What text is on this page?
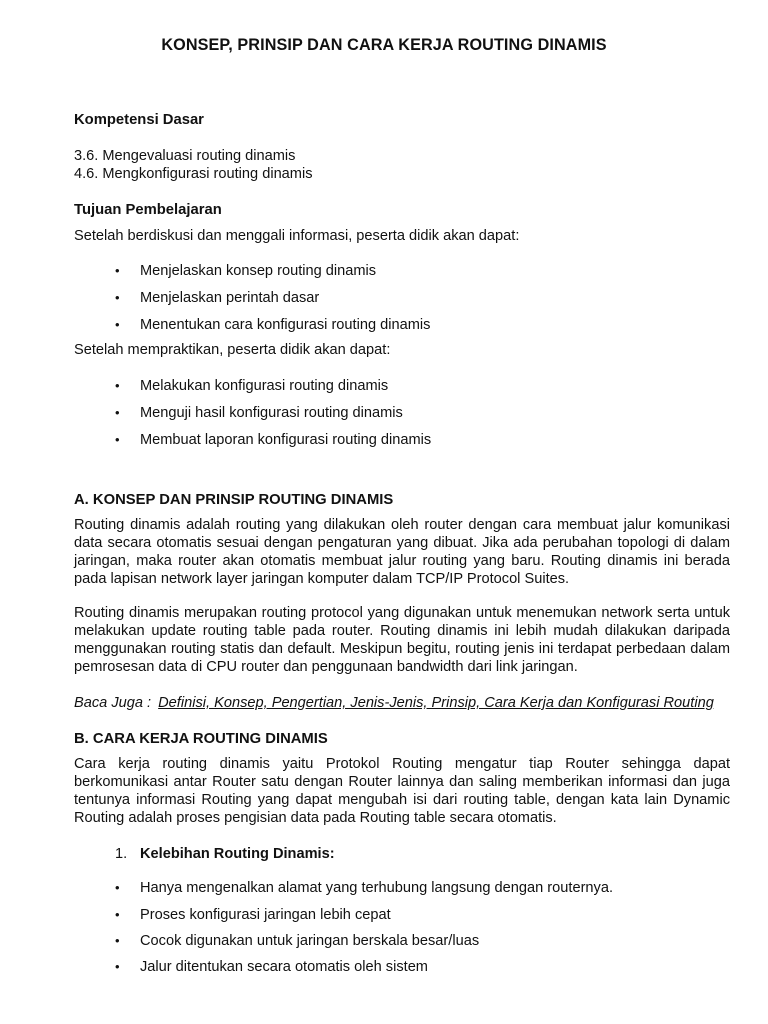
KONSEP, PRINSIP DAN CARA KERJA ROUTING DINAMIS
Kompetensi Dasar
3.6. Mengevaluasi routing dinamis
4.6. Mengkonfigurasi routing dinamis
Tujuan Pembelajaran
Setelah berdiskusi dan menggali informasi, peserta didik akan dapat:
•	Menjelaskan konsep routing dinamis
•	Menjelaskan perintah dasar
•	Menentukan cara konfigurasi routing dinamis
Setelah mempraktikan, peserta didik akan dapat:
•	Melakukan konfigurasi routing dinamis
•	Menguji hasil konfigurasi routing dinamis
•	Membuat laporan konfigurasi routing dinamis
A. KONSEP DAN PRINSIP ROUTING DINAMIS

Routing dinamis adalah routing yang dilakukan oleh router dengan cara membuat jalur komunikasi data secara otomatis sesuai dengan pengaturan yang dibuat. Jika ada perubahan topologi di dalam jaringan, maka router akan otomatis membuat jalur routing yang baru. Routing dinamis ini berada pada lapisan network layer jaringan komputer dalam TCP/IP Protocol Suites.

Routing dinamis merupakan routing protocol yang digunakan untuk menemukan network serta untuk melakukan update routing table pada router. Routing dinamis ini lebih mudah dilakukan daripada menggunakan routing statis dan default. Meskipun begitu, routing jenis ini terdapat perbedaan dalam pemrosesan data di CPU router dan penggunaan bandwidth dari link jaringan.

Baca Juga : Definisi, Konsep, Pengertian, Jenis-Jenis, Prinsip, Cara Kerja dan Konfigurasi Routing
B. CARA KERJA ROUTING DINAMIS

Cara kerja routing dinamis yaitu Protokol Routing mengatur tiap Router sehingga dapat berkomunikasi antar Router satu dengan Router lainnya dan saling memberikan informasi dan juga tentunya informasi Routing yang dapat mengubah isi dari routing table, dengan kata lain Dynamic Routing adalah proses pengisian data pada Routing table secara otomatis.

1. Kelebihan Routing Dinamis:
•	Hanya mengenalkan alamat yang terhubung langsung dengan routernya.
•	Proses konfigurasi jaringan lebih cepat
•	Cocok digunakan untuk jaringan berskala besar/luas
•	Jalur ditentukan secara otomatis oleh sistem
